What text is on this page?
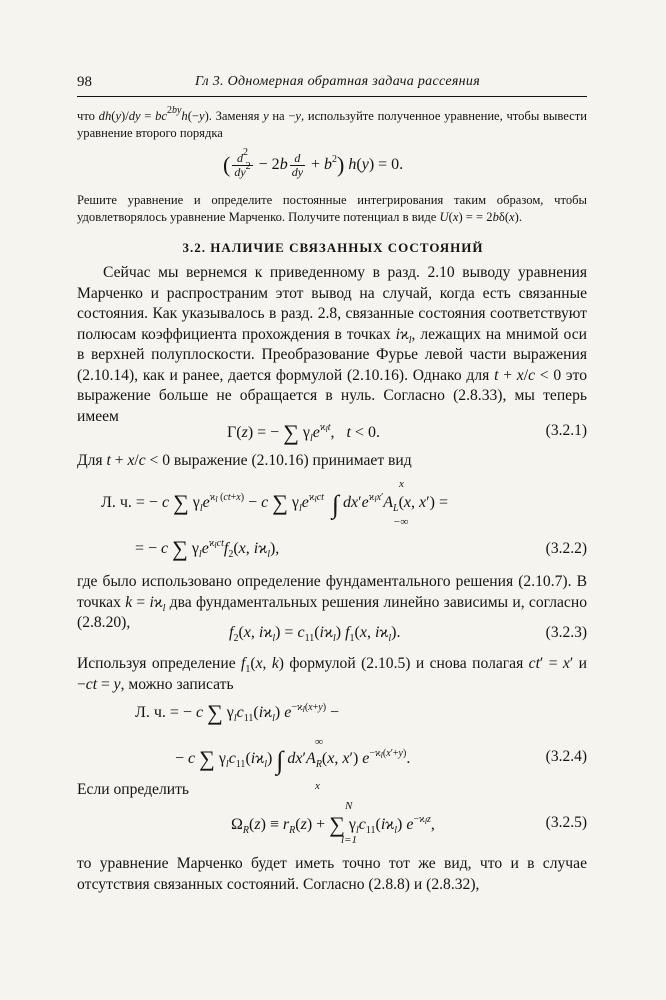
98	Гл 3. Одномерная обратная задача рассеяния

что $dh(y)/dy = bc^{2by}h(-y)$. Заменяя y на −y, используйте полученное уравнение, чтобы вывести уравнение второго порядка

( $\frac{d^2}{dy^2} - 2b \frac{d}{dy} + b^2$) h(y) = 0.

Решите уравнение и определите постоянные интегрирования таким образом, чтобы удовлетворялось уравнение Марченко. Получите потенциал в виде U(x) = = 2bδ(x).

3.2. НАЛИЧИЕ СВЯЗАННЫХ СОСТОЯНИЙ

Сейчас мы вернемся к приведенному в разд. 2.10 выводу уравнения Марченко и распространим этот вывод на случай, когда есть связанные состояния. Как указывалось в разд. 2.8, связанные состояния соответствуют полюсам коэффициента прохождения в точках $iϰ_l$, лежащих на мнимой оси в верхней полуплоскости. Преобразование Фурье левой части выражения (2.10.14), как и ранее, дается формулой (2.10.16). Однако для t + x/c < 0 это выражение больше не обращается в нуль. Согласно (2.8.33), мы теперь имеем

Γ(z) = − ∑ $\gamma_le^{ϰ_lt}$,   t < 0.	(3.2.1)

Для t + x/c < 0 выражение (2.10.16) принимает вид

Л. ч. = − c ∑ $\gamma_le^{ϰ_l (ct+x)} - c$ ∑ $\gamma_le^{ϰ_lct}$ ∫ $dx'e^{ϰ_lx'}A_L(x$, x′) =
x
−∞
= − c ∑ $\gamma_le^{ϰ_lct}f_2(x$, $iϰ_l$),	(3.2.2)

где было использовано определение фундаментального решения (2.10.7). В точках $k = iϰ_l$ два фундаментальных решения линейно зависимы и, согласно (2.8.20),

$f_2(x$, $iϰ_l) = c_{11}(iϰ_l)$ $f_1(x$, $iϰ_l$).	(3.2.3)

Используя определение $f_1(x$, k) формулой (2.10.5) и снова полагая ct′ = x′ и −ct = y, можно записать

Л. ч. = − c ∑ $\gamma_lc_{11}(iϰ_l) e^{-ϰ_l(x+y)}$ −
∞
− c ∑ $\gamma_lc_{11}(iϰ_l)$ ∫ $dx'A_R(x$, x′) $e^{-ϰ_l(x'+y)}$.
x
(3.2.4)

Если определить

N
$\Omega_R(z) \equiv r_R(z)$ + ∑ $\gamma_lc_{11}(iϰ_l)$ $e^{-ϰ_lz}$,
l=1
(3.2.5)

то уравнение Марченко будет иметь точно тот же вид, что и в случае отсутствия связанных состояний. Согласно (2.8.8) и (2.8.32),
